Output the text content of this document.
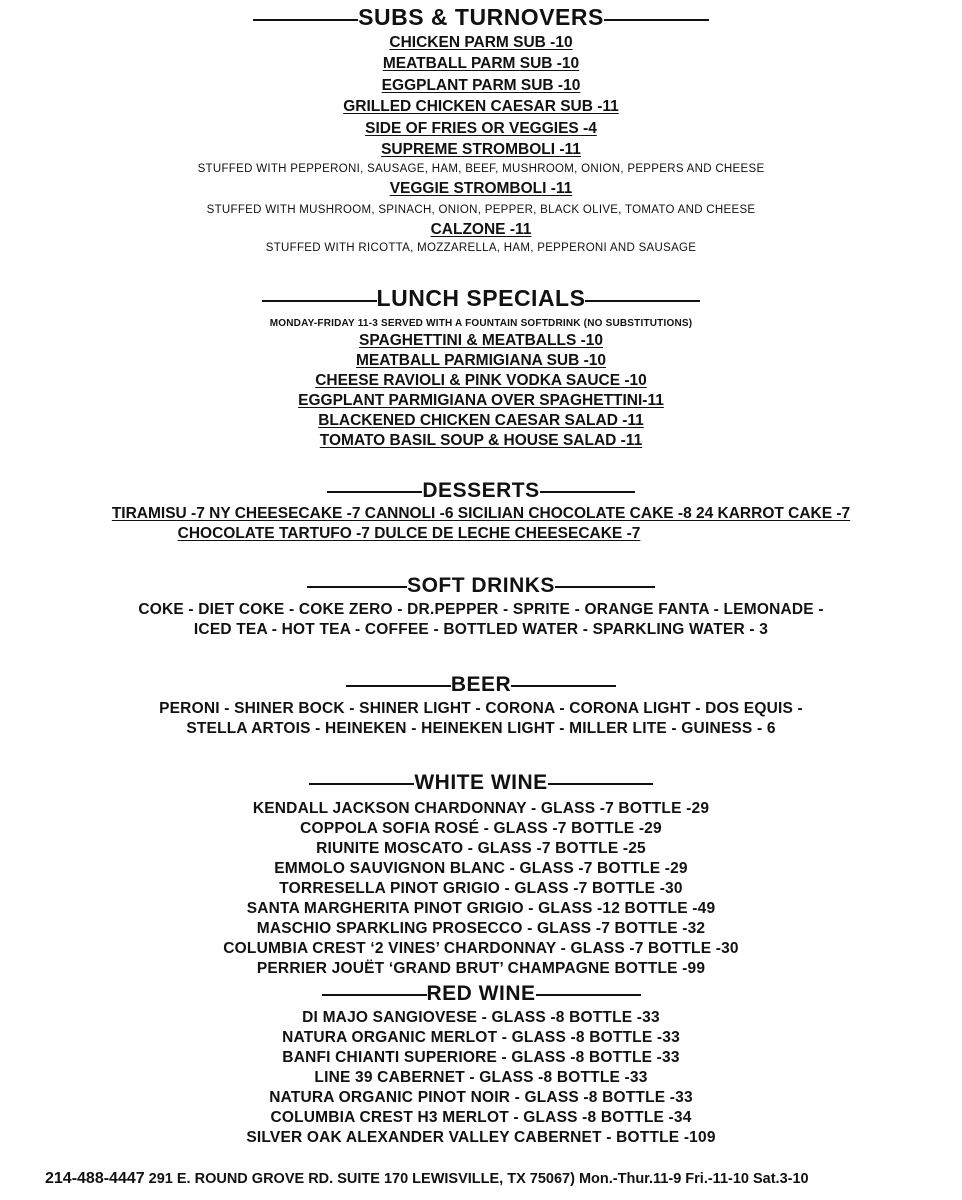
SUBS & TURNOVERS
CHICKEN PARM SUB -10
MEATBALL PARM SUB -10
EGGPLANT PARM SUB -10
GRILLED CHICKEN CAESAR SUB -11
SIDE OF FRIES OR VEGGIES -4
SUPREME STROMBOLI -11
STUFFED WITH PEPPERONI, SAUSAGE, HAM, BEEF, MUSHROOM, ONION, PEPPERS AND CHEESE
VEGGIE STROMBOLI -11
STUFFED WITH MUSHROOM, SPINACH, ONION, PEPPER, BLACK OLIVE, TOMATO AND CHEESE
CALZONE -11
STUFFED WITH RICOTTA, MOZZARELLA, HAM, PEPPERONI AND SAUSAGE
LUNCH SPECIALS
MONDAY-FRIDAY 11-3 SERVED WITH A FOUNTAIN SOFTDRINK (NO SUBSTITUTIONS)
SPAGHETTINI & MEATBALLS -10
MEATBALL PARMIGIANA SUB -10
CHEESE RAVIOLI & PINK VODKA SAUCE -10
EGGPLANT PARMIGIANA OVER SPAGHETTINI-11
BLACKENED CHICKEN CAESAR SALAD -11
TOMATO BASIL SOUP & HOUSE SALAD -11
DESSERTS
TIRAMISU -7 NY CHEESECAKE -7 CANNOLI -6 SICILIAN CHOCOLATE CAKE -8 24 KARROT CAKE -7
CHOCOLATE TARTUFO -7 DULCE DE LECHE CHEESECAKE -7
SOFT DRINKS
COKE - DIET COKE - COKE ZERO - DR.PEPPER - SPRITE - ORANGE FANTA - LEMONADE -
ICED TEA - HOT TEA - COFFEE - BOTTLED WATER - SPARKLING WATER - 3
BEER
PERONI - SHINER BOCK - SHINER LIGHT - CORONA - CORONA LIGHT - DOS EQUIS -
STELLA ARTOIS - HEINEKEN - HEINEKEN LIGHT - MILLER LITE - GUINESS - 6
WHITE WINE
KENDALL JACKSON CHARDONNAY - GLASS -7 BOTTLE -29
COPPOLA SOFIA ROSÉ - GLASS -7 BOTTLE -29
RIUNITE MOSCATO - GLASS -7 BOTTLE -25
EMMOLO SAUVIGNON BLANC - GLASS -7 BOTTLE -29
TORRESELLA PINOT GRIGIO - GLASS -7 BOTTLE -30
SANTA MARGHERITA PINOT GRIGIO - GLASS -12 BOTTLE -49
MASCHIO SPARKLING PROSECCO - GLASS -7 BOTTLE -32
COLUMBIA CREST ‘2 VINES’ CHARDONNAY - GLASS -7 BOTTLE -30
PERRIER JOUËT ‘GRAND BRUT’ CHAMPAGNE BOTTLE -99
RED WINE
DI MAJO SANGIOVESE - GLASS -8 BOTTLE -33
NATURA ORGANIC MERLOT - GLASS -8 BOTTLE -33
BANFI CHIANTI SUPERIORE - GLASS -8 BOTTLE -33
LINE 39 CABERNET - GLASS -8 BOTTLE -33
NATURA ORGANIC PINOT NOIR - GLASS -8 BOTTLE -33
COLUMBIA CREST H3 MERLOT - GLASS -8 BOTTLE -34
SILVER OAK ALEXANDER VALLEY CABERNET - BOTTLE -109
214-488-4447 291 E. ROUND GROVE RD. SUITE 170 LEWISVILLE, TX 75067) Mon.-Thur.11-9 Fri.-11-10 Sat.3-10
